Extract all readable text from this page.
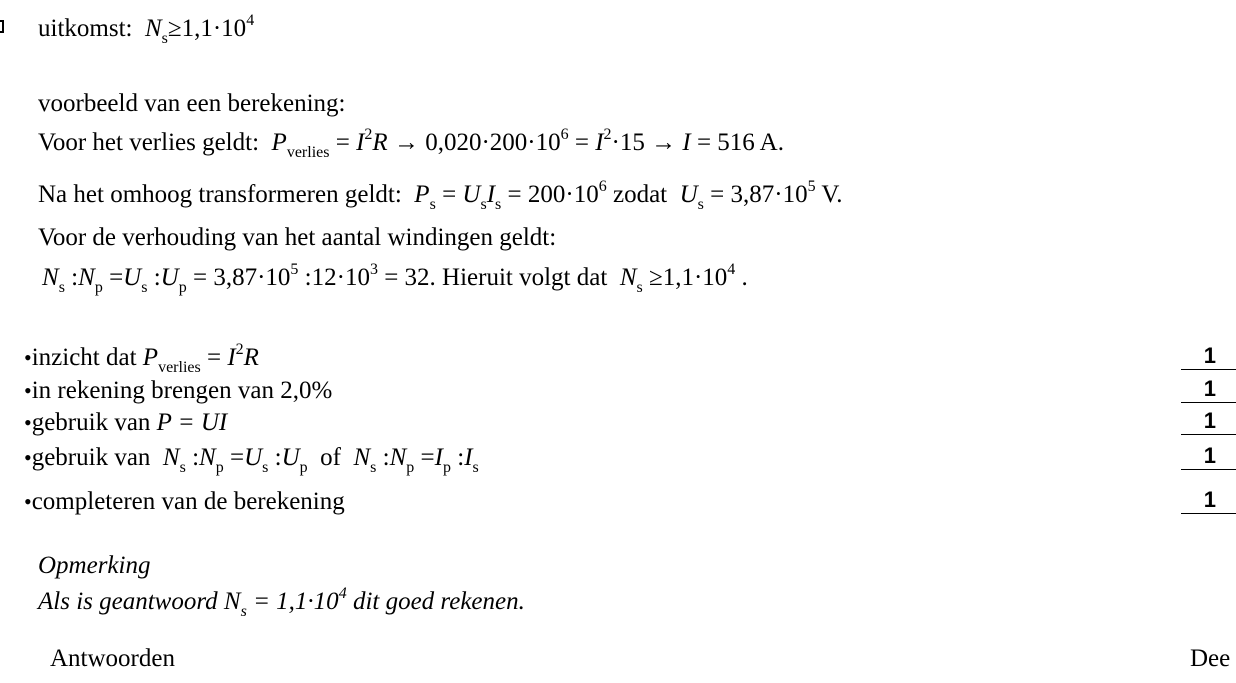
uitkomst: $N_s\ge 1,1\cdot 10^4$
voorbeeld van een berekening:
Voor het verlies geldt: $P_{verlies} = I^2R \to 0,020\cdot 200\cdot 10^6 = I^2\cdot 15 \to I = 516$ A.
Na het omhoog transformeren geldt: $P_s = U_sI_s = 200\cdot 10^6$ zodat $U_s = 3,87\cdot 10^5$ V.
Voor de verhouding van het aantal windingen geldt:
$N_s$ $:N_p =U_s$ $:U_p = 3,87\cdot 10^5$ $:12\cdot 10^3 = 32$. Hieruit volgt dat $N_s \ge 1,1\cdot 10^4$ .
•inzicht dat $P_{verlies} = I^2R$	1
•in rekening brengen van 2,0%	1
•gebruik van P = UI	1
•gebruik van $N_s$ $:N_p =U_s$ $:U_p$ of $N_s$ $:N_p =I_p$ $:I_s$	1
•completeren van de berekening	1
Opmerking
Als is geantwoord $N_s = 1,1\cdot 10^4$ dit goed rekenen.
Antwoorden	Dee
